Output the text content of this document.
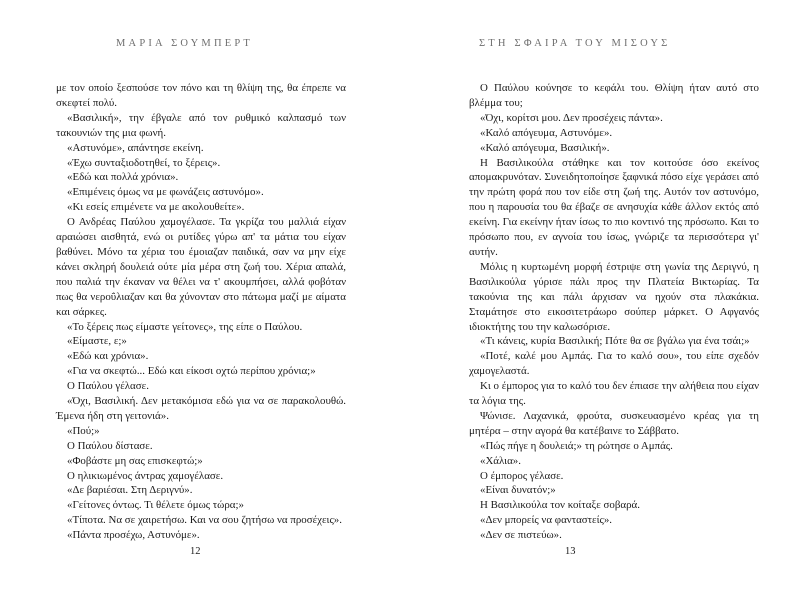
ΜΑΡΙΑ ΣΟΥΜΠΕΡΤ

με τον οποίο ξεσπούσε τον πόνο και τη θλίψη της, θα έπρεπε να σκεφτεί πολύ.

«Βασιλική», την έβγαλε από τον ρυθμικό καλπασμό των τακουνιών της μια φωνή.

«Αστυνόμε», απάντησε εκείνη.

«Έχω συνταξιοδοτηθεί, το ξέρεις».

«Εδώ και πολλά χρόνια».

«Επιμένεις όμως να με φωνάζεις αστυνόμο».

«Κι εσείς επιμένετε να με ακολουθείτε».

Ο Ανδρέας Παύλου χαμογέλασε. Τα γκρίζα του μαλλιά είχαν αραιώσει αισθητά, ενώ οι ρυτίδες γύρω απ' τα μάτια του είχαν βαθύνει. Μόνο τα χέρια του έμοιαζαν παιδικά, σαν να μην είχε κάνει σκληρή δουλειά ούτε μία μέρα στη ζωή του. Χέρια απαλά, που παλιά την έκαναν να θέλει να τ' ακουμπήσει, αλλά φοβόταν πως θα νεροΰλιαζαν και θα χύνονταν στο πάτωμα μαζί με αίματα και σάρκες.

«Το ξέρεις πως είμαστε γείτονες», της είπε ο Παύλου.

«Είμαστε, ε;»

«Εδώ και χρόνια».

«Για να σκεφτώ... Εδώ και είκοσι οχτώ περίπου χρόνια;»

Ο Παύλου γέλασε.

«Όχι, Βασιλική. Δεν μετακόμισα εδώ για να σε παρακολουθώ. Έμενα ήδη στη γειτονιά».

«Πού;»

Ο Παύλου δίστασε.

«Φοβάστε μη σας επισκεφτώ;»

Ο ηλικιωμένος άντρας χαμογέλασε.

«Δε βαριέσαι. Στη Δεριγνύ».

«Γείτονες όντως. Τι θέλετε όμως τώρα;»

«Τίποτα. Να σε χαιρετήσω. Και να σου ζητήσω να προσέχεις».

«Πάντα προσέχω, Αστυνόμε».

12
ΣΤΗ ΣΦΑΙΡΑ ΤΟΥ ΜΙΣΟΥΣ

Ο Παύλου κούνησε το κεφάλι του. Θλίψη ήταν αυτό στο βλέμμα του;

«Όχι, κορίτσι μου. Δεν προσέχεις πάντα».

«Καλό απόγευμα, Αστυνόμε».

«Καλό απόγευμα, Βασιλική».

Η Βασιλικούλα στάθηκε και τον κοιτούσε όσο εκείνος απομακρυνόταν. Συνειδητοποίησε ξαφνικά πόσο είχε γεράσει από την πρώτη φορά που τον είδε στη ζωή της. Αυτόν τον αστυνόμο, που η παρουσία του θα έβαζε σε ανησυχία κάθε άλλον εκτός από εκείνη. Για εκείνην ήταν ίσως το πιο κοντινό της πρόσωπο. Και το πρόσωπο που, εν αγνοία του ίσως, γνώριζε τα περισσότερα γι' αυτήν.

Μόλις η κυρτωμένη μορφή έστριψε στη γωνία της Δεριγνύ, η Βασιλικούλα γύρισε πάλι προς την Πλατεία Βικτωρίας. Τα τακούνια της και πάλι άρχισαν να ηχούν στα πλακάκια. Σταμάτησε στο εικοσιτετράωρο σούπερ μάρκετ. Ο Αφγανός ιδιοκτήτης του την καλωσόρισε.

«Τι κάνεις, κυρία Βασιλική; Πότε θα σε βγάλω για ένα τσάι;»

«Ποτέ, καλέ μου Αμπάς. Για το καλό σου», του είπε σχεδόν χαμογελαστά.

Κι ο έμπορος για το καλό του δεν έπιασε την αλήθεια που είχαν τα λόγια της.

Ψώνισε. Λαχανικά, φρούτα, συσκευασμένο κρέας για τη μητέρα – στην αγορά θα κατέβαινε το Σάββατο.

«Πώς πήγε η δουλειά;» τη ρώτησε ο Αμπάς.

«Χάλια».

Ο έμπορος γέλασε.

«Είναι δυνατόν;»

Η Βασιλικούλα τον κοίταξε σοβαρά.

«Δεν μπορείς να φανταστείς».

«Δεν σε πιστεύω».

13
